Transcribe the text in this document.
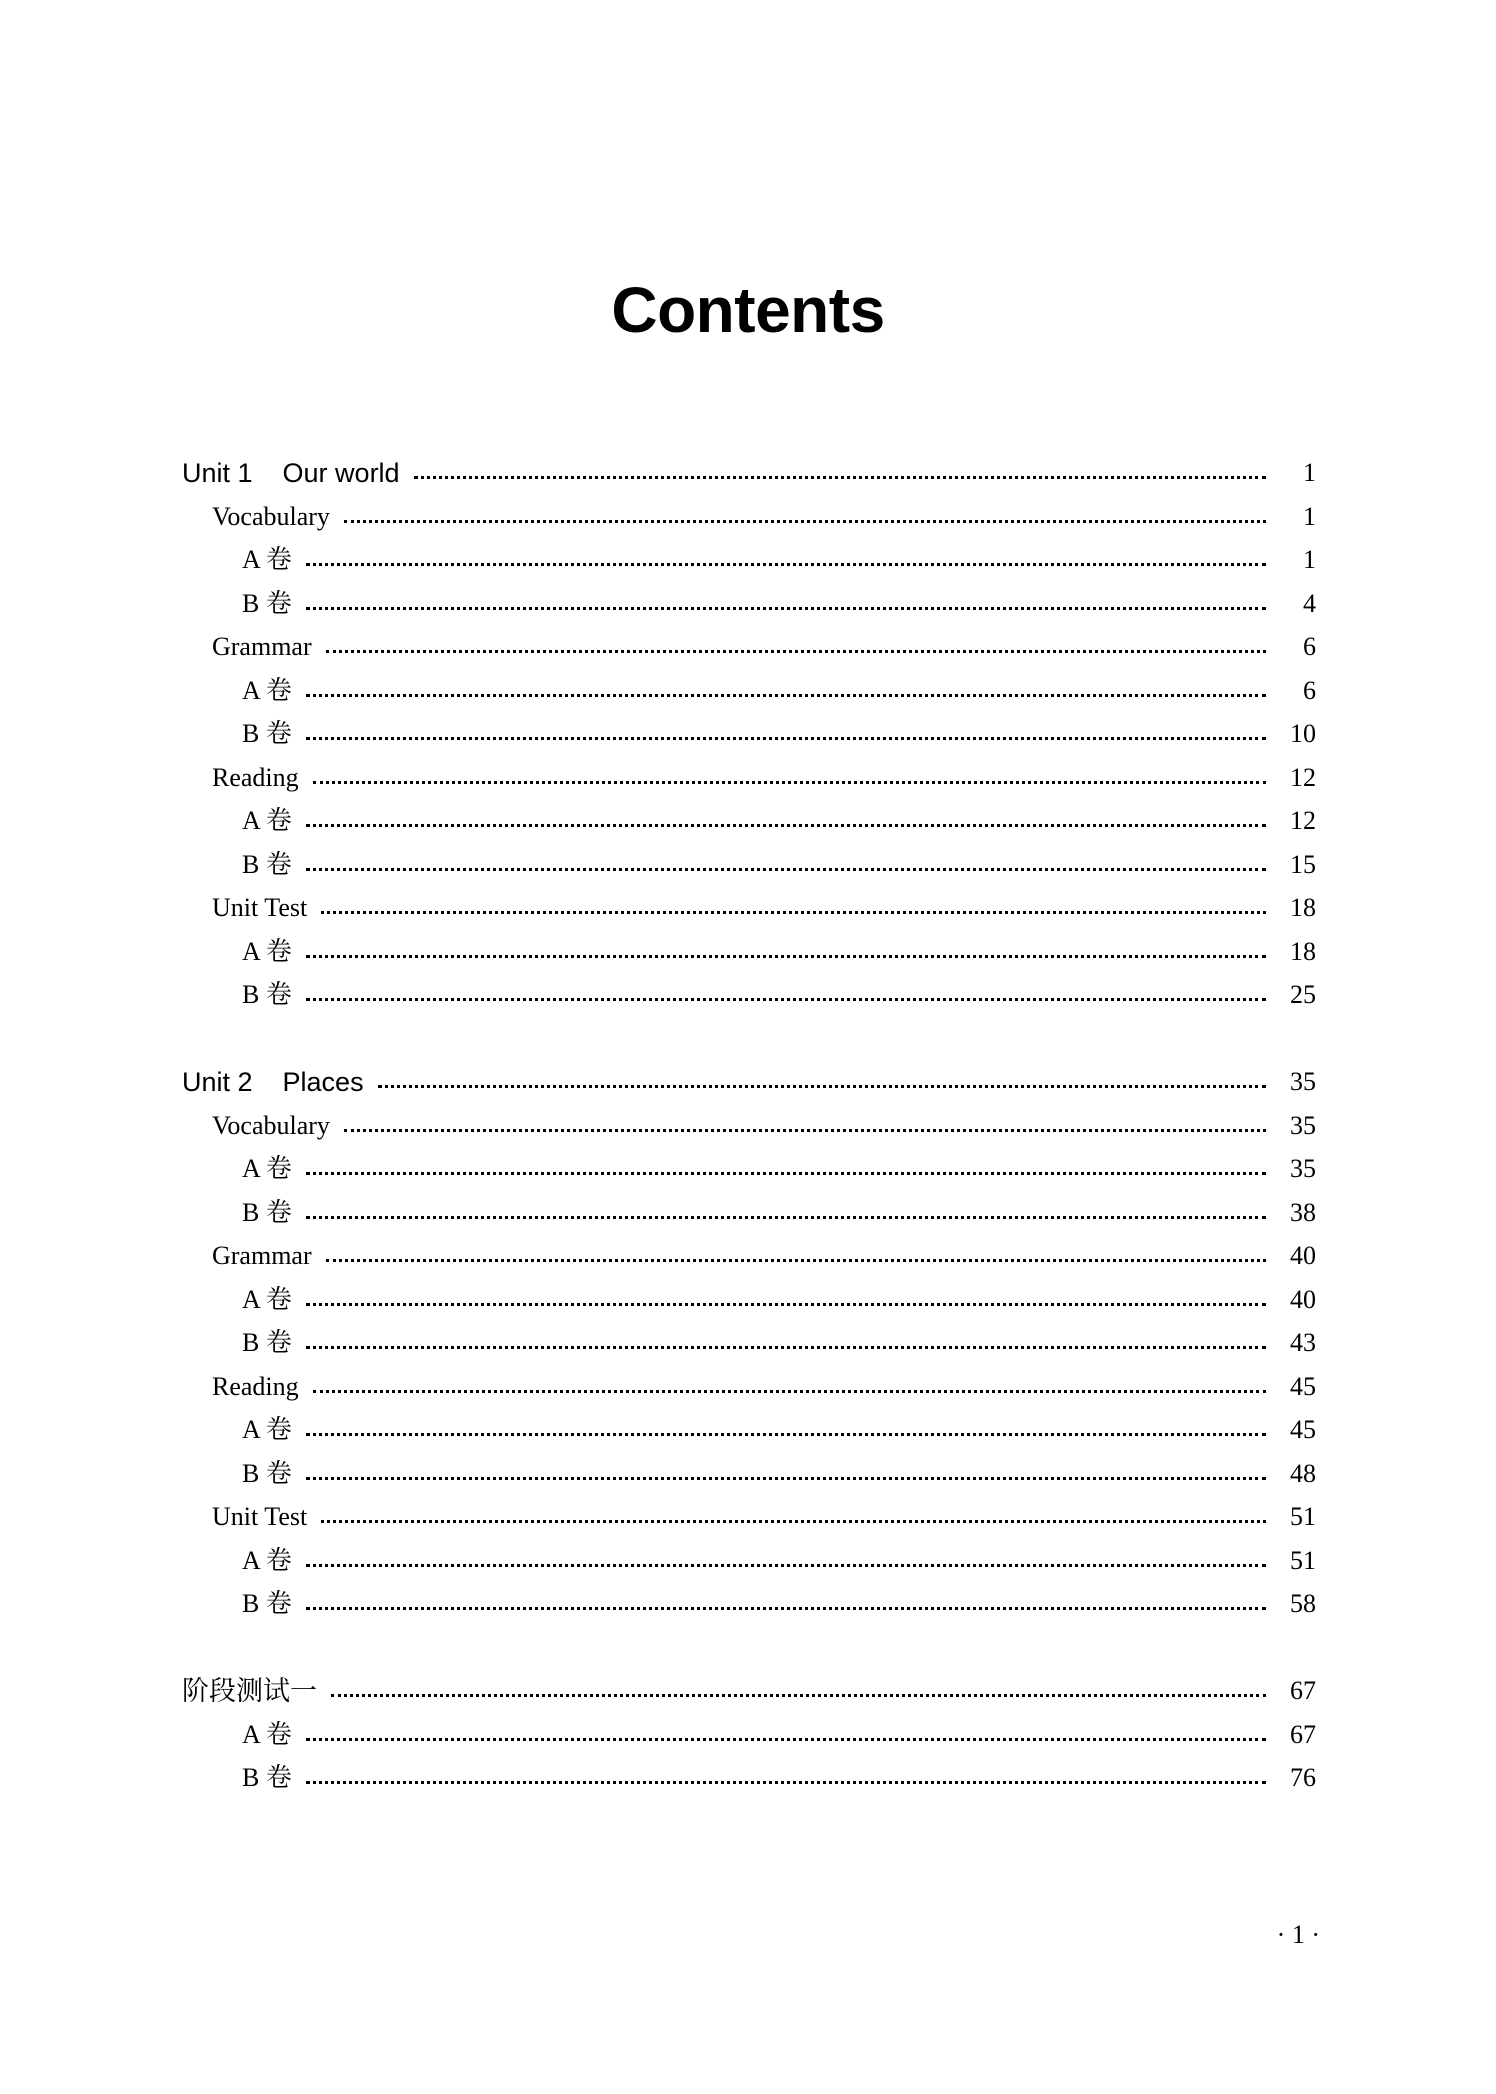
Contents
Unit 1    Our world	1
Vocabulary	1
A 卷	1
B 卷	4
Grammar	6
A 卷	6
B 卷	10
Reading	12
A 卷	12
B 卷	15
Unit Test	18
A 卷	18
B 卷	25
Unit 2    Places	35
Vocabulary	35
A 卷	35
B 卷	38
Grammar	40
A 卷	40
B 卷	43
Reading	45
A 卷	45
B 卷	48
Unit Test	51
A 卷	51
B 卷	58
阶段测试一	67
A 卷	67
B 卷	76
· 1 ·
